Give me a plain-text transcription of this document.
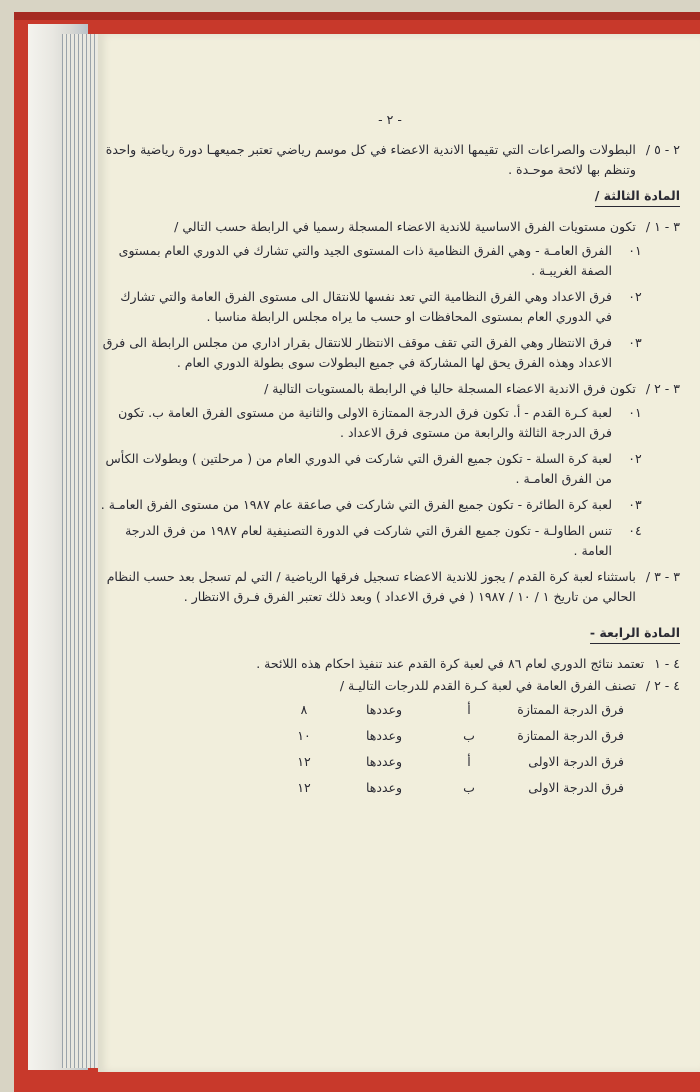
- ٢ -
٢ - ٥ /
البطولات والصراعات التي تقيمها الاندية الاعضاء في كل موسم رياضي تعتبر جميعهـا دورة رياضية واحدة وتنظم بها لائحة موحـدة .
المادة الثالثة /
٣ - ١ /
تكون مستويات الفرق الاساسية للاندية الاعضاء المسجلة رسميا في الرابطة حسب التالي /
٠١
الفرق العامـة - وهي الفرق النظامية ذات المستوى الجيد والتي تشارك في الدوري العام بمستوى الصفة الغريبـة .
٠٢
فرق الاعداد وهي الفرق النظامية التي تعد نفسها للانتقال الى مستوى الفرق العامة والتي تشارك في الدوري العام بمستوى المحافظات او حسب ما يراه مجلس الرابطة مناسبا .
٠٣
فرق الانتظار وهي الفرق التي تقف موقف الانتظار للانتقال بقرار اداري من مجلس الرابطة الى فرق الاعداد وهذه الفرق يحق لها المشاركة في جميع البطولات سوى بطولة الدوري العام .
٣ - ٢ /
تكون فرق الاندية الاعضاء المسجلة حاليا في الرابطة بالمستويات التالية /
٠١
لعبة كـرة القدم - أ. تكون فرق الدرجة الممتازة الاولى والثانية من مستوى الفرق العامة ب. تكون فرق الدرجة الثالثة والرابعة من مستوى فرق الاعداد .
٠٢
لعبة كرة السلة - تكون جميع الفرق التي شاركت في الدوري العام من ( مرحلتين ) وبطولات الكأس من الفرق العامـة .
٠٣
لعبة كرة الطائرة - تكون جميع الفرق التي شاركت في صاعقة عام ١٩٨٧ من مستوى الفرق العامـة .
٠٤
تنس الطاولـة - تكون جميع الفرق التي شاركت في الدورة التصنيفية لعام ١٩٨٧ من فرق الدرجة العامة .
٣ - ٣ /
باستثناء لعبة كرة القدم / يجوز للاندية الاعضاء تسجيل فرقها الرياضية / التي لم تسجل بعد حسب النظام الحالي من تاريخ ١ / ١٠ / ١٩٨٧ ( في فرق الاعداد ) وبعد ذلك تعتبر الفرق فـرق الانتظار .
المادة الرابعة -
٤ - ١
تعتمد نتائج الدوري لعام ٨٦ في لعبة كرة القدم عند تنفيذ احكام هذه اللائحة .
٤ - ٢ /
تصنف الفرق العامة في لعبة كـرة القدم للدرجات التاليـة /
فرق الدرجة الممتازة
أ
وعددها
٨
فرق الدرجة الممتازة
ب
وعددها
١٠
فرق الدرجة الاولى
أ
وعددها
١٢
فرق الدرجة الاولى
ب
وعددها
١٢
